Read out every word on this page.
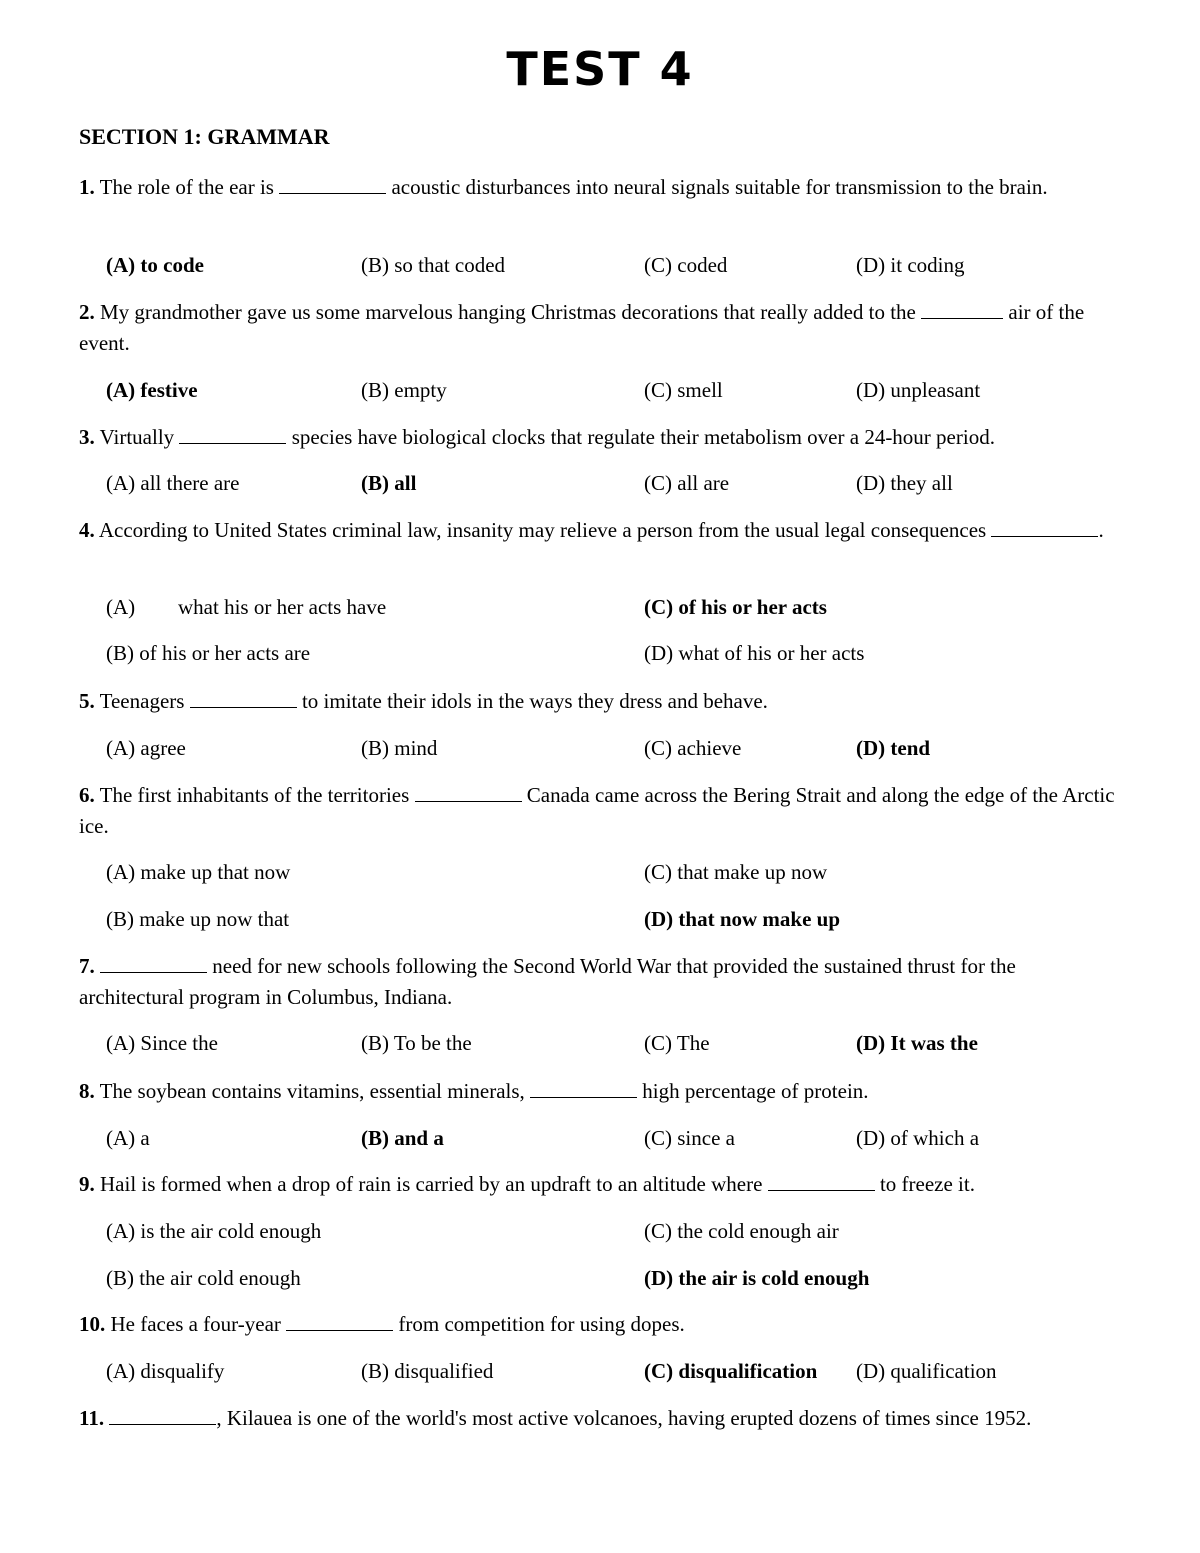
TEST 4
SECTION 1: GRAMMAR
1. The role of the ear is	acoustic disturbances into neural signals suitable for transmission to the brain.
(A) to code	(B) so that coded	(C) coded	(D) it coding
2. My grandmother gave us some marvelous hanging Christmas decorations that really added to the	air of the event.
(A) festive	(B) empty	(C) smell	(D) unpleasant
3. Virtually	species have biological clocks that regulate their metabolism over a 24-hour period.
(A) all there are	(B) all	(C) all are	(D) they all
4. According to United States criminal law, insanity may relieve a person from the usual legal consequences	.
(A) what his or her acts have	(C) of his or her acts
(B) of his or her acts are	(D) what of his or her acts
5. Teenagers	to imitate their idols in the ways they dress and behave.
(A) agree	(B) mind	(C) achieve	(D) tend
6. The first inhabitants of the territories	Canada came across the Bering Strait and along the edge of the Arctic ice.
(A) make up that now	(C) that make up now
(B) make up now that	(D) that now make up
7.	need for new schools following the Second World War that provided the sustained thrust for the architectural program in Columbus, Indiana.
(A) Since the	(B) To be the	(C) The	(D) It was the
8. The soybean contains vitamins, essential minerals,	high percentage of protein.
(A) a	(B) and a	(C) since a	(D) of which a
9. Hail is formed when a drop of rain is carried by an updraft to an altitude where	to freeze it.
(A) is the air cold enough	(C) the cold enough air
(B) the air cold enough	(D) the air is cold enough
10. He faces a four-year	from competition for using dopes.
(A) disqualify	(B) disqualified	(C) disqualification (D) qualification
11.	, Kilauea is one of the world's most active volcanoes, having erupted dozens of times since 1952.
